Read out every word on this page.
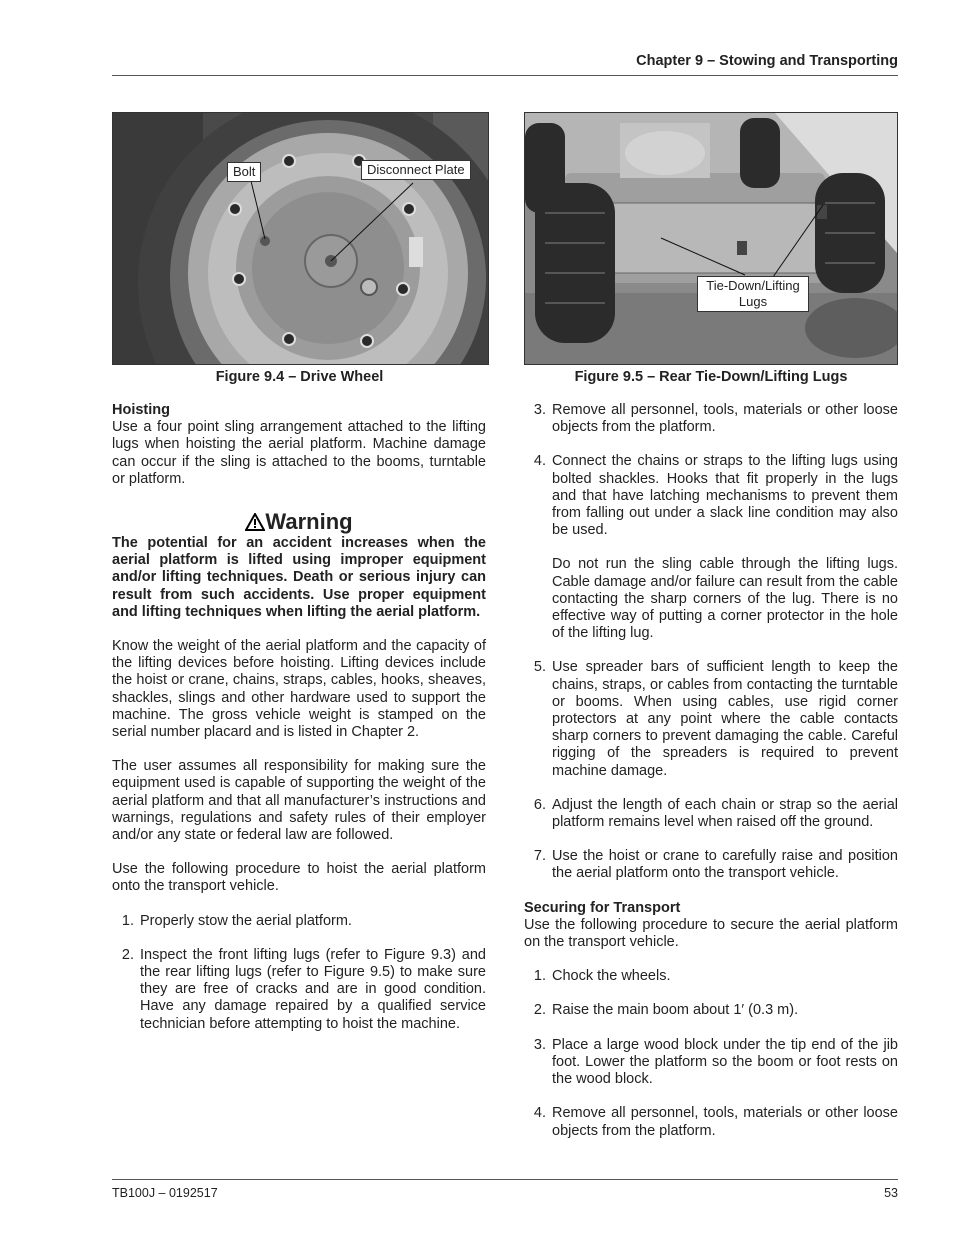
Chapter 9 – Stowing and Transporting
Bolt	Disconnect Plate
Figure 9.4 – Drive Wheel
Tie-Down/Lifting
Lugs
Figure 9.5 – Rear Tie-Down/Lifting Lugs
Hoisting

Use a four point sling arrangement attached to the lifting lugs when hoisting the aerial platform. Machine damage can occur if the sling is attached to the booms, turntable or platform.

Warning

The potential for an accident increases when the aerial platform is lifted using improper equipment and/or lifting techniques. Death or serious injury can result from such accidents. Use proper equipment and lifting techniques when lifting the aerial platform.

Know the weight of the aerial platform and the capacity of the lifting devices before hoisting. Lifting devices include the hoist or crane, chains, straps, cables, hooks, sheaves, shackles, slings and other hardware used to support the machine. The gross vehicle weight is stamped on the serial number placard and is listed in Chapter 2.

The user assumes all responsibility for making sure the equipment used is capable of supporting the weight of the aerial platform and that all manufacturer’s instructions and warnings, regulations and safety rules of their employer and/or any state or federal law are followed.

Use the following procedure to hoist the aerial platform onto the transport vehicle.

1. Properly stow the aerial platform.
2. Inspect the front lifting lugs (refer to Figure 9.3) and the rear lifting lugs (refer to Figure 9.5) to make sure they are free of cracks and are in good condition. Have any damage repaired by a qualified service technician before attempting to hoist the machine.
3. Remove all personnel, tools, materials or other loose objects from the platform.
4. Connect the chains or straps to the lifting lugs using bolted shackles. Hooks that fit properly in the lugs and that have latching mechanisms to prevent them from falling out under a slack line condition may also be used.

Do not run the sling cable through the lifting lugs. Cable damage and/or failure can result from the cable contacting the sharp corners of the lug. There is no effective way of putting a corner protector in the hole of the lifting lug.

5. Use spreader bars of sufficient length to keep the chains, straps, or cables from contacting the turntable or booms. When using cables, use rigid corner protectors at any point where the cable contacts sharp corners to prevent damaging the cable. Careful rigging of the spreaders is required to prevent machine damage.
6. Adjust the length of each chain or strap so the aerial platform remains level when raised off the ground.
7. Use the hoist or crane to carefully raise and position the aerial platform onto the transport vehicle.
Securing for Transport

Use the following procedure to secure the aerial platform on the transport vehicle.

1. Chock the wheels.
2. Raise the main boom about 1′ (0.3 m).
3. Place a large wood block under the tip end of the jib foot. Lower the platform so the boom or foot rests on the wood block.
4. Remove all personnel, tools, materials or other loose objects from the platform.
TB100J – 0192517	53
